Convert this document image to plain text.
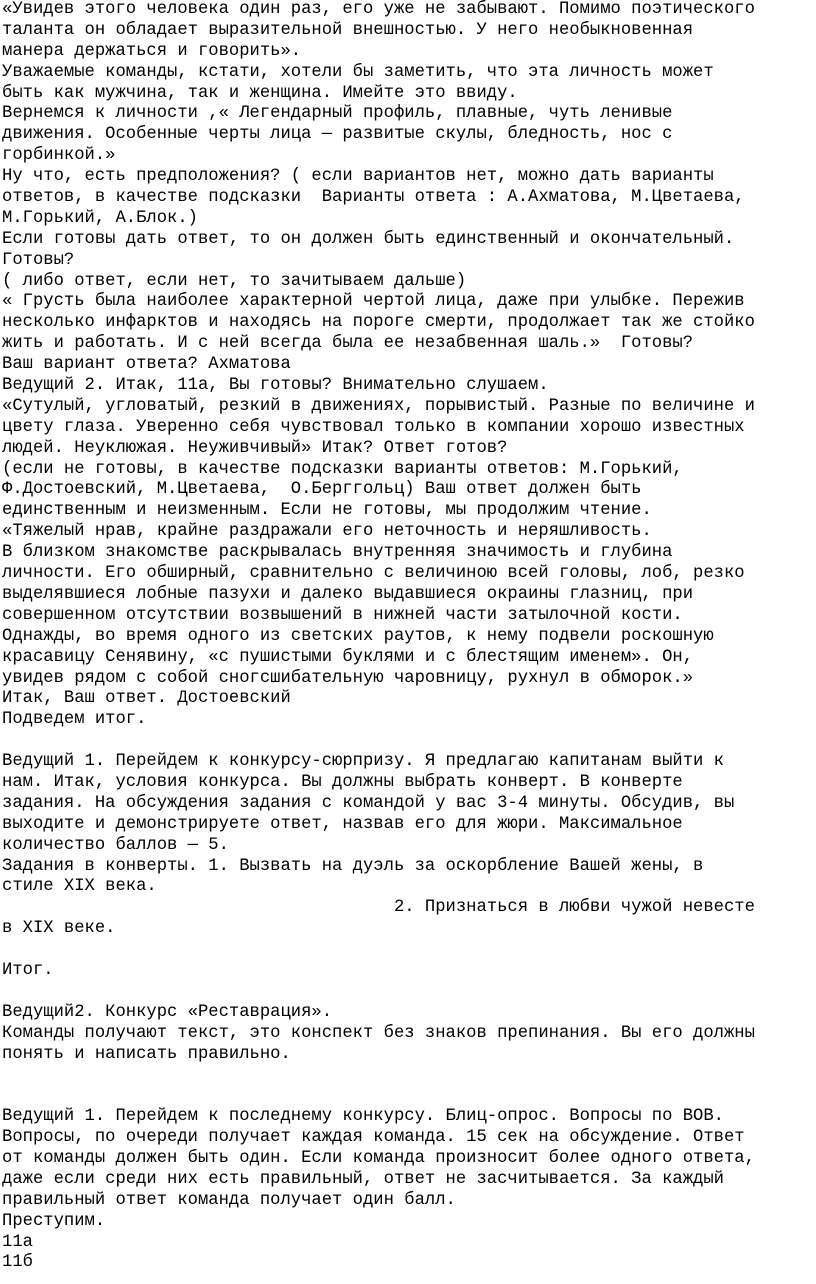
«Увидев этого человека один раз, его уже не забывают. Помимо поэтического
таланта он обладает выразительной внешностью. У него необыкновенная
манера держаться и говорить».
Уважаемые команды, кстати, хотели бы заметить, что эта личность может
быть как мужчина, так и женщина. Имейте это ввиду.
Вернемся к личности ,« Легендарный профиль, плавные, чуть ленивые
движения. Особенные черты лица — развитые скулы, бледность, нос с
горбинкой.»
Ну что, есть предположения? ( если вариантов нет, можно дать варианты
ответов, в качестве подсказки  Варианты ответа : А.Ахматова, М.Цветаева,
М.Горький, А.Блок.)
Если готовы дать ответ, то он должен быть единственный и окончательный.
Готовы?
( либо ответ, если нет, то зачитываем дальше)
« Грусть была наиболее характерной чертой лица, даже при улыбке. Пережив
несколько инфарктов и находясь на пороге смерти, продолжает так же стойко
жить и работать. И с ней всегда была ее незабвенная шаль.»  Готовы?
Ваш вариант ответа? Ахматова
Ведущий 2. Итак, 11а, Вы готовы? Внимательно слушаем.
«Сутулый, угловатый, резкий в движениях, порывистый. Разные по величине и
цвету глаза. Уверенно себя чувствовал только в компании хорошо известных
людей. Неуклюжая. Неуживчивый» Итак? Ответ готов?
(если не готовы, в качестве подсказки варианты ответов: М.Горький,
Ф.Достоевский, М.Цветаева,  О.Берггольц) Ваш ответ должен быть
единственным и неизменным. Если не готовы, мы продолжим чтение.
«Тяжелый нрав, крайне раздражали его неточность и неряшливость.
В близком знакомстве раскрывалась внутренняя значимость и глубина
личности. Его обширный, сравнительно с величиною всей головы, лоб, резко
выделявшиеся лобные пазухи и далеко выдавшиеся окраины глазниц, при
совершенном отсутствии возвышений в нижней части затылочной кости.
Однажды, во время одного из светских раутов, к нему подвели роскошную
красавицу Сенявину, «с пушистыми буклями и с блестящим именем». Он,
увидев рядом с собой сногсшибательную чаровницу, рухнул в обморок.»
Итак, Ваш ответ. Достоевский
Подведем итог.
Ведущий 1. Перейдем к конкурсу-сюрпризу. Я предлагаю капитанам выйти к
нам. Итак, условия конкурса. Вы должны выбрать конверт. В конверте
задания. На обсуждения задания с командой у вас 3-4 минуты. Обсудив, вы
выходите и демонстрируете ответ, назвав его для жюри. Максимальное
количество баллов — 5.
Задания в конверты. 1. Вызвать на дуэль за оскорбление Вашей жены, в
стиле XIX века.
2. Признаться в любви чужой невесте
в XIX веке.
Итог.
Ведущий2. Конкурс «Реставрация».
Команды получают текст, это конспект без знаков препинания. Вы его должны
понять и написать правильно.
Ведущий 1. Перейдем к последнему конкурсу. Блиц-опрос. Вопросы по ВОВ.
Вопросы, по очереди получает каждая команда. 15 сек на обсуждение. Ответ
от команды должен быть один. Если команда произносит более одного ответа,
даже если среди них есть правильный, ответ не засчитывается. За каждый
правильный ответ команда получает один балл.
Преступим.
11а
11б
